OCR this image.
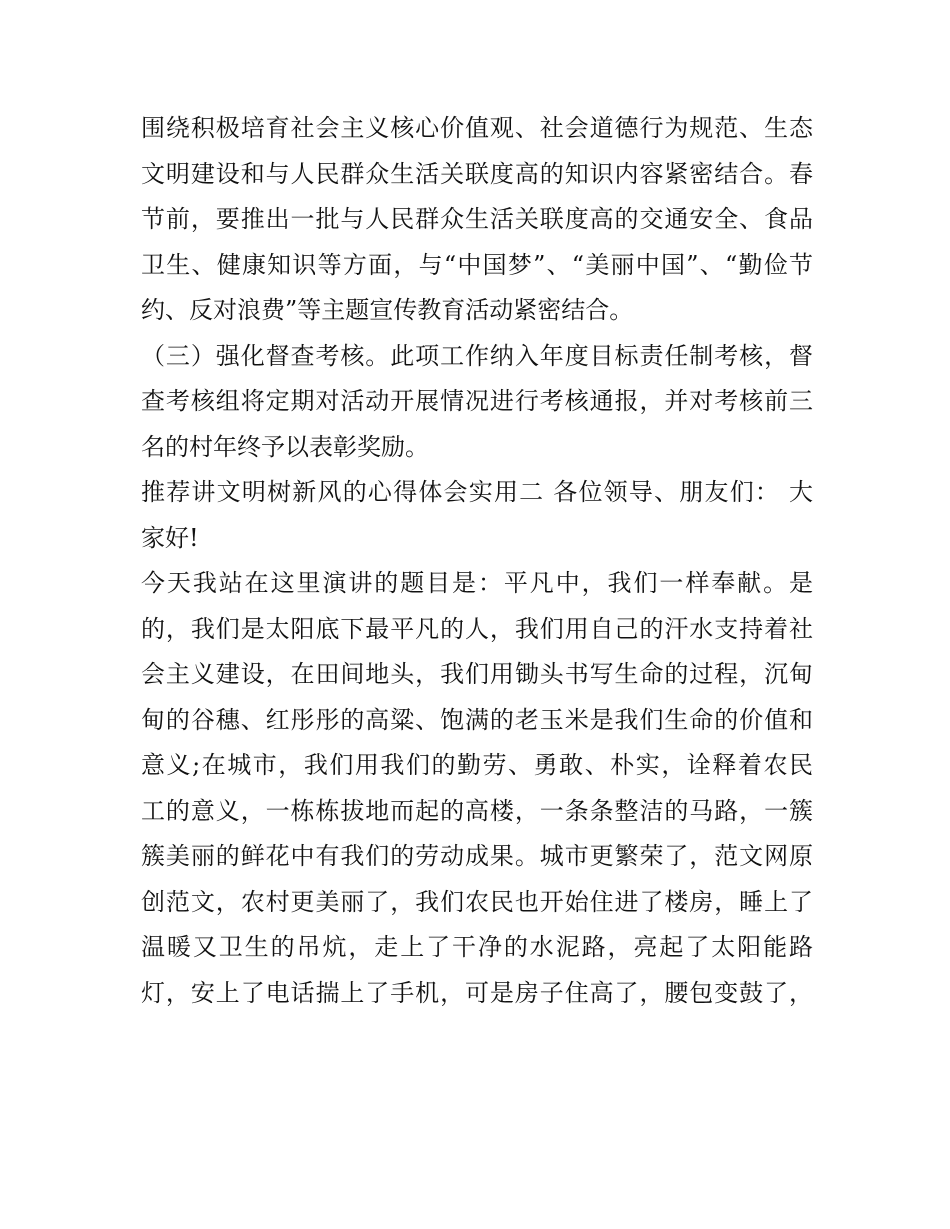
围绕积极培育社会主义核心价值观、社会道德行为规范、生态
文明建设和与人民群众生活关联度高的知识内容紧密结合。春
节前，要推出一批与人民群众生活关联度高的交通安全、食品
卫生、健康知识等方面，与“中国梦”、“美丽中国”、“勤俭节
约、反对浪费”等主题宣传教育活动紧密结合。
（三）强化督查考核。此项工作纳入年度目标责任制考核，督
查考核组将定期对活动开展情况进行考核通报，并对考核前三
名的村年终予以表彰奖励。
推荐讲文明树新风的心得体会实用二 各位领导、朋友们： 大
家好!
今天我站在这里演讲的题目是：平凡中，我们一样奉献。是
的，我们是太阳底下最平凡的人，我们用自己的汗水支持着社
会主义建设，在田间地头，我们用锄头书写生命的过程，沉甸
甸的谷穗、红彤彤的高粱、饱满的老玉米是我们生命的价值和
意义;在城市，我们用我们的勤劳、勇敢、朴实，诠释着农民
工的意义，一栋栋拔地而起的高楼，一条条整洁的马路，一簇
簇美丽的鲜花中有我们的劳动成果。城市更繁荣了，范文网原
创范文，农村更美丽了，我们农民也开始住进了楼房，睡上了
温暖又卫生的吊炕，走上了干净的水泥路，亮起了太阳能路
灯，安上了电话揣上了手机，可是房子住高了，腰包变鼓了，
